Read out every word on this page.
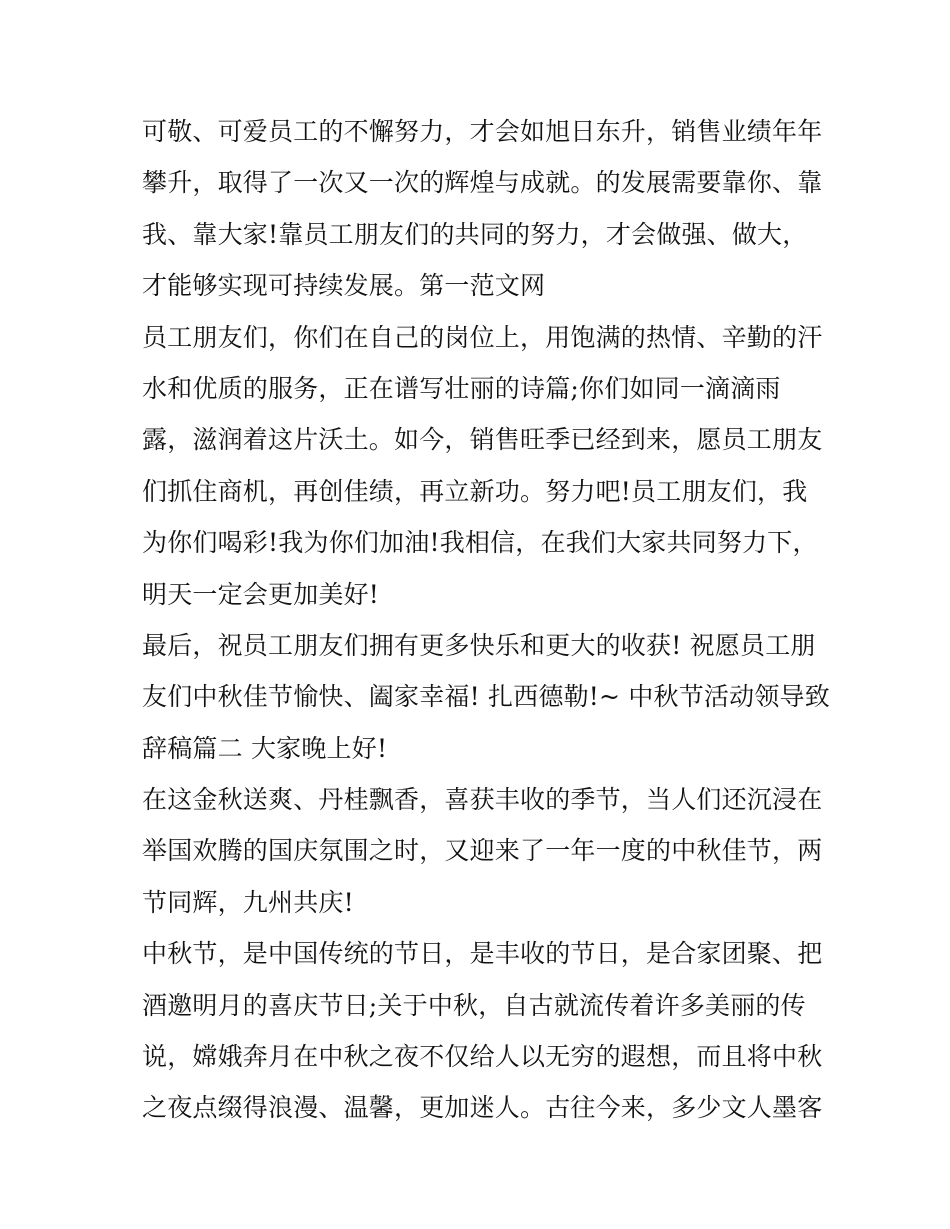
可敬、可爱员工的不懈努力，才会如旭日东升，销售业绩年年
攀升，取得了一次又一次的辉煌与成就。的发展需要靠你、靠
我、靠大家!靠员工朋友们的共同的努力，才会做强、做大，
才能够实现可持续发展。第一范文网
员工朋友们，你们在自己的岗位上，用饱满的热情、辛勤的汗
水和优质的服务，正在谱写壮丽的诗篇;你们如同一滴滴雨
露，滋润着这片沃土。如今，销售旺季已经到来，愿员工朋友
们抓住商机，再创佳绩，再立新功。努力吧!员工朋友们，我
为你们喝彩!我为你们加油!我相信，在我们大家共同努力下，
明天一定会更加美好!
最后，祝员工朋友们拥有更多快乐和更大的收获! 祝愿员工朋
友们中秋佳节愉快、阖家幸福! 扎西德勒!~ 中秋节活动领导致
辞稿篇二 大家晚上好!
在这金秋送爽、丹桂飘香，喜获丰收的季节，当人们还沉浸在
举国欢腾的国庆氛围之时，又迎来了一年一度的中秋佳节，两
节同辉，九州共庆!
中秋节，是中国传统的节日，是丰收的节日，是合家团聚、把
酒邀明月的喜庆节日;关于中秋，自古就流传着许多美丽的传
说，嫦娥奔月在中秋之夜不仅给人以无穷的遐想，而且将中秋
之夜点缀得浪漫、温馨，更加迷人。古往今来，多少文人墨客
